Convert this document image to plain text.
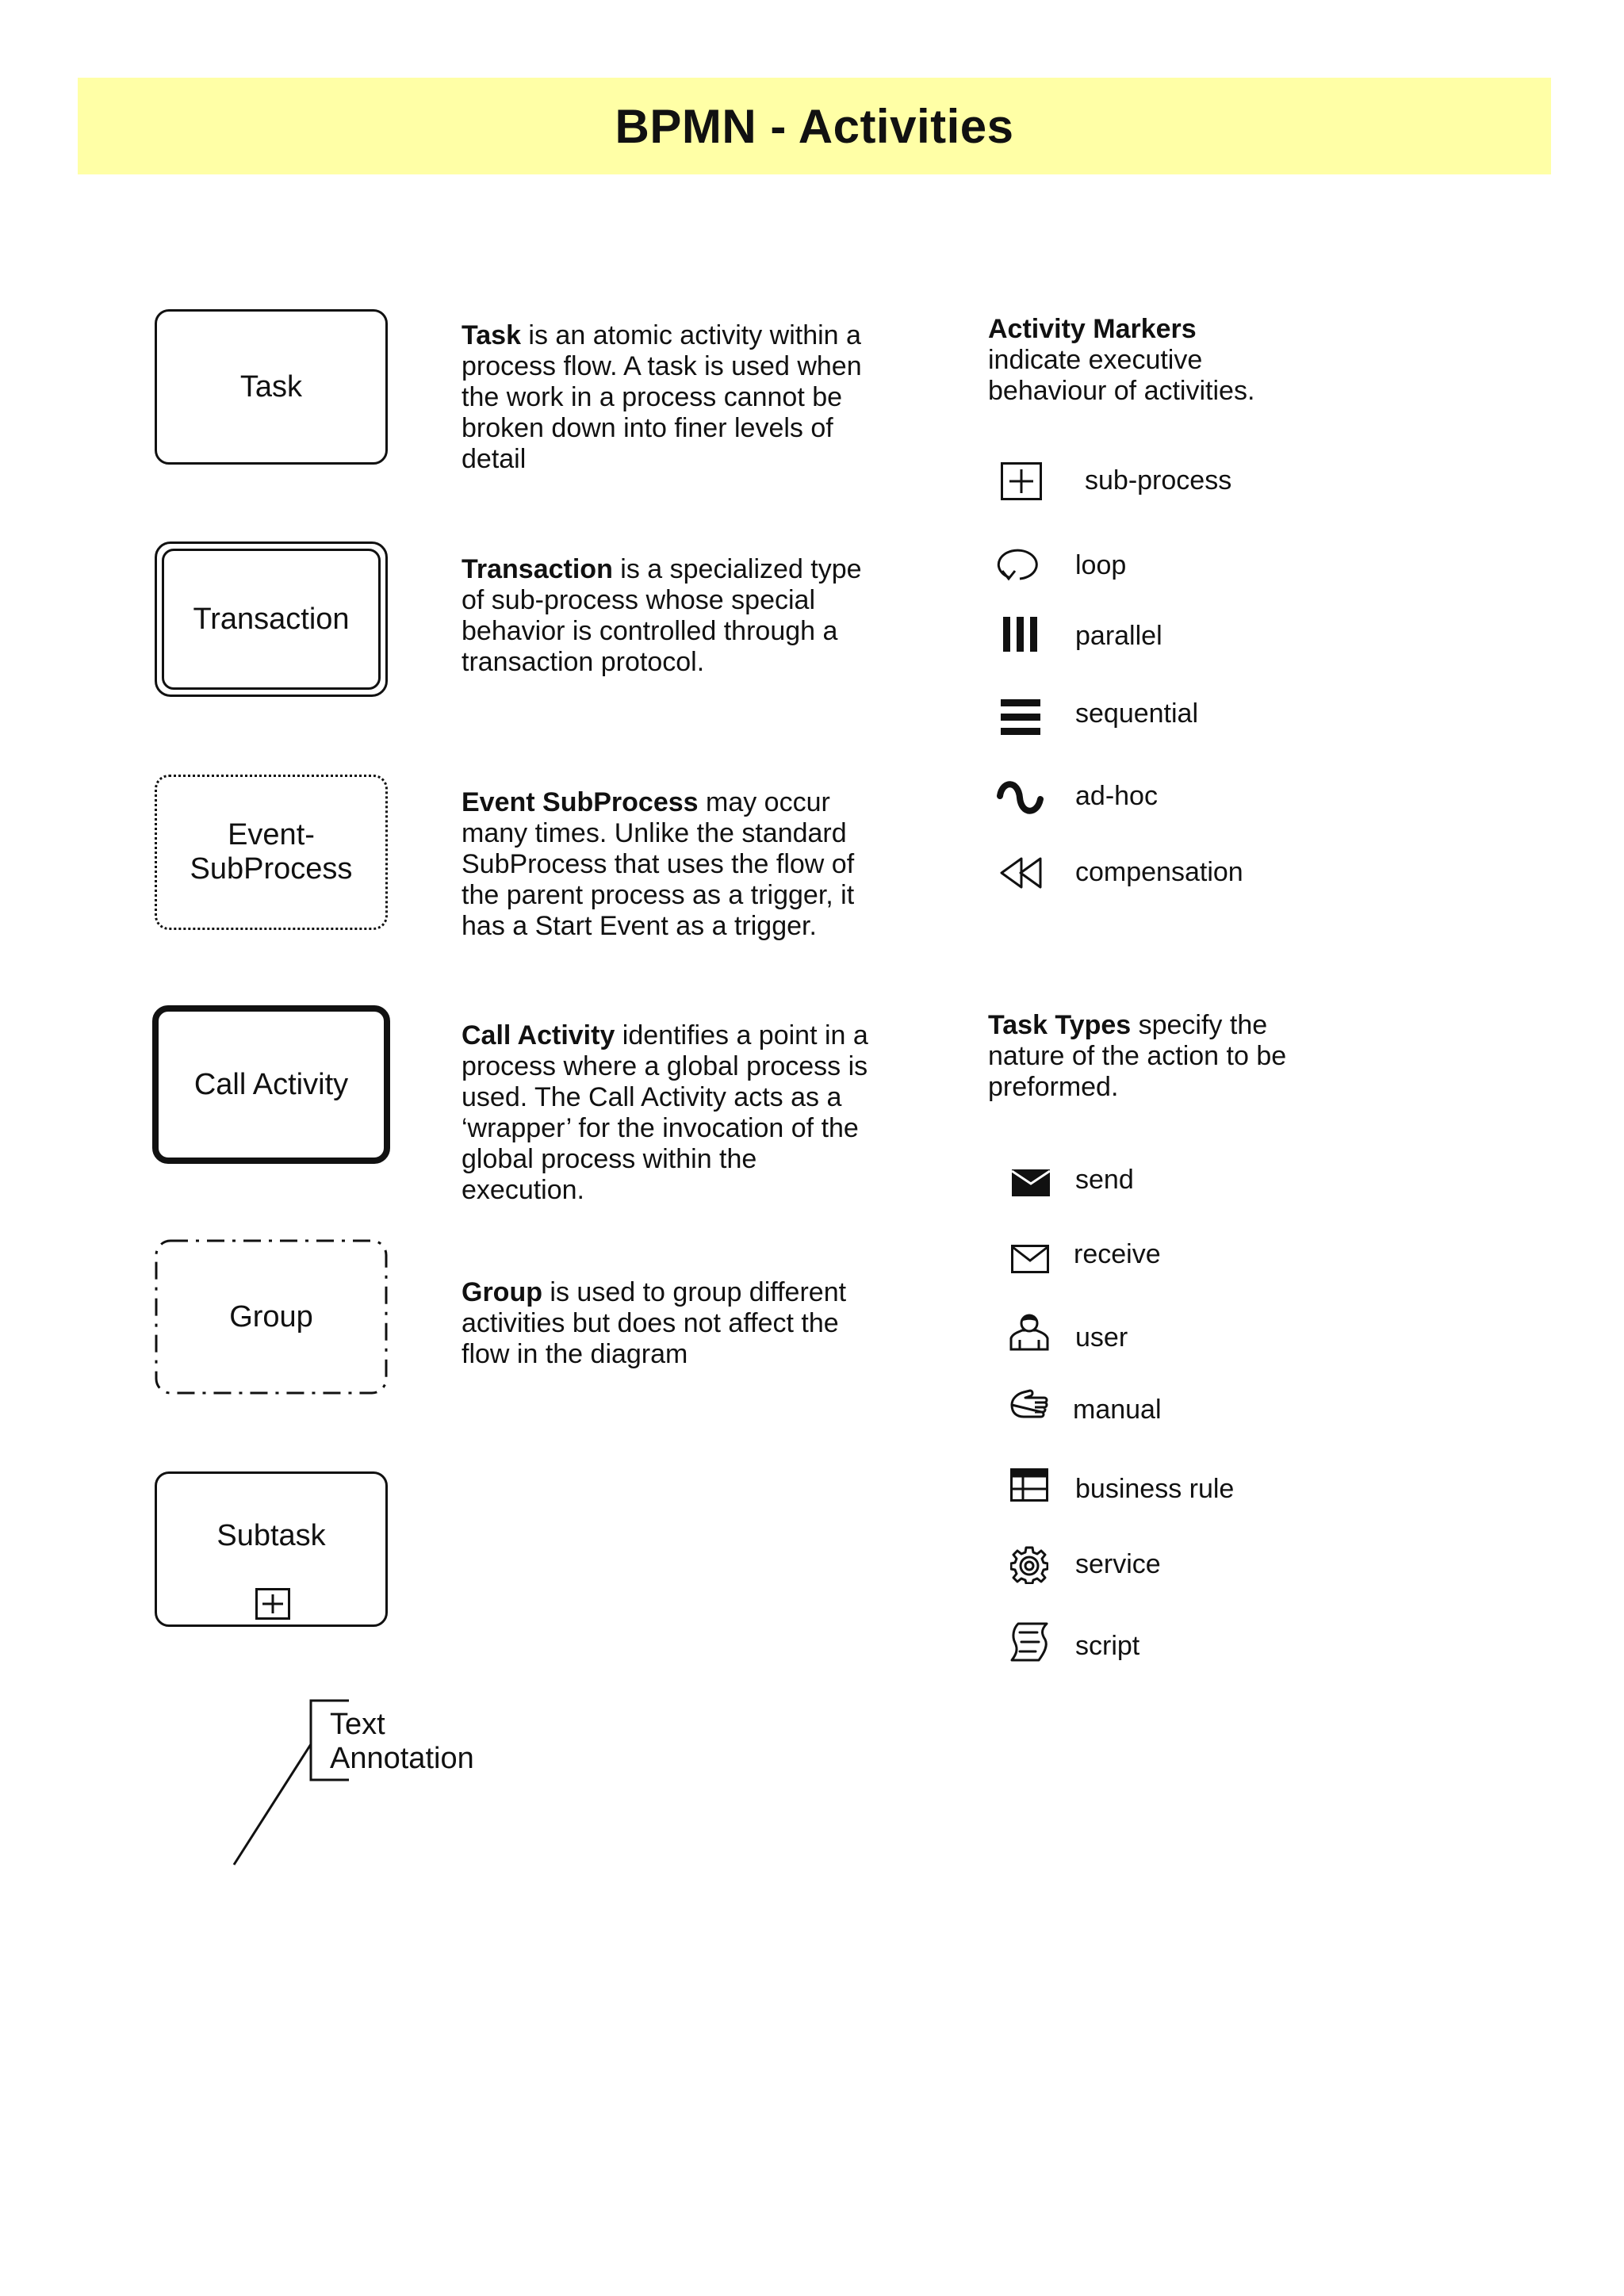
BPMN - Activities
Task
Transaction
Event-
SubProcess
Call Activity
Group
Subtask
Text
Annotation
Task is an atomic activity within a process flow. A task is used when the work in a process cannot be broken down into finer levels of detail
Transaction is a specialized type of sub-process whose special behavior is controlled through a transaction protocol.
Event SubProcess may occur many times. Unlike the standard SubProcess that uses the flow of the parent process as a trigger, it has a Start Event as a trigger.
Call Activity identifies a point in a process where a global process is used. The Call Activity acts as a ‘wrapper’ for the invocation of the global process within the execution.
Group is used to group different activities but does not affect the flow in the diagram
Activity Markers
indicate executive behaviour of activities.
sub-process
loop
parallel
sequential
ad-hoc
compensation
Task Types specify the nature of the action to be preformed.
send
receive
user
manual
business rule
service
script
